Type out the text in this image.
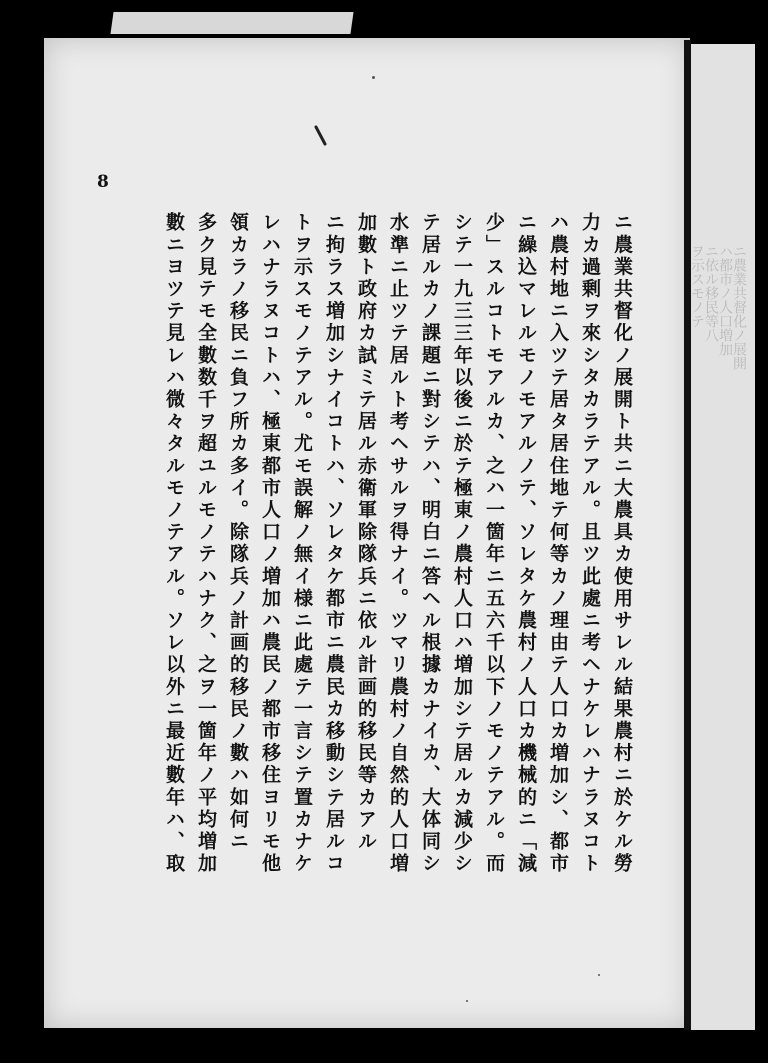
ニ農業共督化ノ展開
ハ都市ノ人口増加
ニ依ル移民等八
ヲ示スモノテ
8
ニ農業共督化ノ展開ト共ニ大農具カ使用サレル結果農村ニ於ケル勞
力カ過剰ヲ來シタカラテアル。且ツ此處ニ考ヘナケレハナラヌコト
ハ農村地ニ入ツテ居タ居住地テ何等カノ理由テ人口カ増加シ、都市
ニ繰込マレルモノモアルノテ、ソレタケ農村ノ人口カ機械的ニ「減
少」スルコトモアルカ、之ハ一箇年ニ五六千以下ノモノテアル。而
シテ一九三三年以後ニ於テ極東ノ農村人口ハ増加シテ居ルカ減少シ
テ居ルカノ課題ニ對シテハ、明白ニ答ヘル根據カナイカ、大体同シ
水準ニ止ツテ居ルト考ヘサルヲ得ナイ。ツマリ農村ノ自然的人口増
加數ト政府カ試ミテ居ル赤衛軍除隊兵ニ依ル計画的移民等カアル
ニ拘ラス増加シナイコトハ、ソレタケ都市ニ農民カ移動シテ居ルコ
トヲ示スモノテアル。尤モ誤解ノ無イ様ニ此處テ一言シテ置カナケ
レハナラヌコトハ、極東都市人口ノ増加ハ農民ノ都市移住ヨリモ他
領カラノ移民ニ負フ所カ多イ。除隊兵ノ計画的移民ノ數ハ如何ニ
多ク見テモ全數数千ヲ超ユルモノテハナク、之ヲ一箇年ノ平均増加
數ニヨツテ見レハ微々タルモノテアル。ソレ以外ニ最近數年ハ、取
